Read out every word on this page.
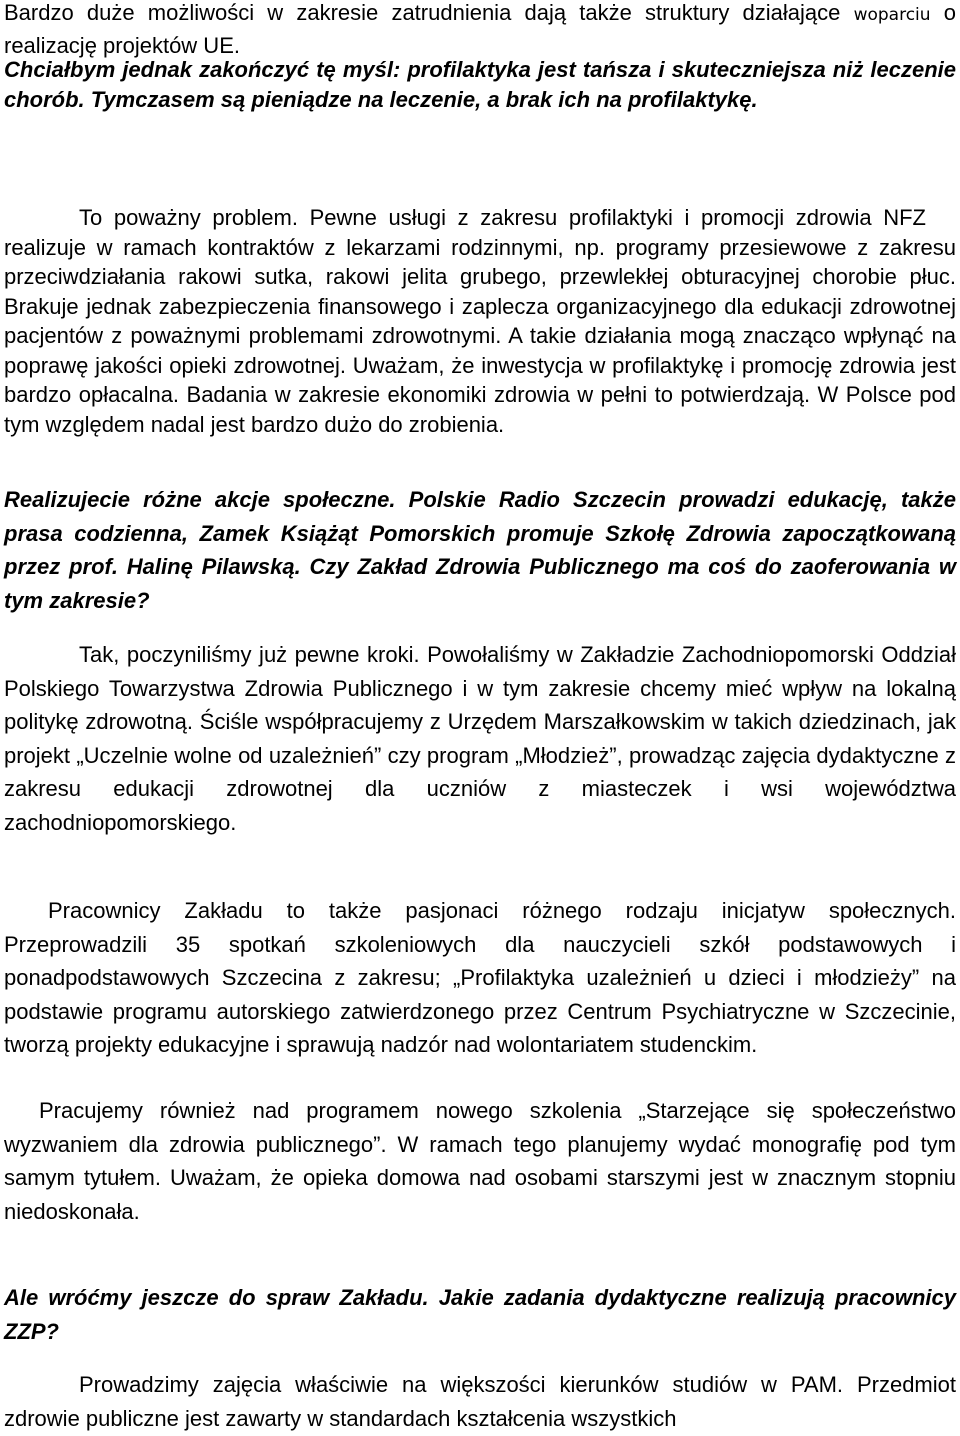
Bardzo duże możliwości w zakresie zatrudnienia dają także struktury działające woparciu o realizację projektów UE.

Chciałbym jednak zakończyć tę myśl: profilaktyka jest tańsza i skuteczniejsza niż leczenie chorób. Tymczasem są pieniądze na leczenie, a brak ich na profilaktykę.

To poważny problem. Pewne usługi z zakresu profilaktyki i promocji zdrowia NFZrealizuje w ramach kontraktów z lekarzami rodzinnymi, np. programy przesiewowe z zakresu przeciwdziałania rakowi sutka, rakowi jelita grubego, przewlekłej obturacyjnej chorobie płuc. Brakuje jednak zabezpieczenia finansowego i zaplecza organizacyjnego dla edukacji zdrowotnej pacjentów z poważnymi problemami zdrowotnymi. A takie działania mogą znacząco wpłynąć na poprawę jakości opieki zdrowotnej. Uważam, że inwestycja w profilaktykę i promocję zdrowia jest bardzo opłacalna. Badania w zakresie ekonomiki zdrowia w pełni to potwierdzają. W Polsce pod tym względem nadal jest bardzo dużo do zrobienia.

Realizujecie różne akcje społeczne. Polskie Radio Szczecin prowadzi edukację, także prasa codzienna, Zamek Książąt Pomorskich promuje Szkołę Zdrowia zapoczątkowaną przez prof. Halinę Pilawską. Czy Zakład Zdrowia Publicznego ma coś do zaoferowania w tym zakresie?

Tak, poczyniliśmy już pewne kroki. Powołaliśmy w Zakładzie Zachodniopomorski Oddział Polskiego Towarzystwa Zdrowia Publicznego i w tym zakresie chcemy mieć wpływ na lokalną politykę zdrowotną. Ściśle współpracujemy z Urzędem Marszałkowskim w takich dziedzinach, jak projekt „Uczelnie wolne od uzależnień” czy program „Młodzież”, prowadząc zajęcia dydaktyczne z zakresu edukacji zdrowotnej dla uczniów z miasteczek i wsi województwa zachodniopomorskiego.

Pracownicy Zakładu to także pasjonaci różnego rodzaju inicjatyw społecznych. Przeprowadzili 35 spotkań szkoleniowych dla nauczycieli szkół podstawowych i ponadpodstawowych Szczecina z zakresu; „Profilaktyka uzależnień u dzieci i młodzieży” na podstawie programu autorskiego zatwierdzonego przez Centrum Psychiatryczne w Szczecinie, tworzą projekty edukacyjne i sprawują nadzór nad wolontariatem studenckim.

Pracujemy również nad programem nowego szkolenia „Starzejące się społeczeństwo wyzwaniem dla zdrowia publicznego”. W ramach tego planujemy wydać monografię pod tym samym tytułem. Uważam, że opieka domowa nad osobami starszymi jest w znacznym stopniu niedoskonała.

Ale wróćmy jeszcze do spraw Zakładu. Jakie zadania dydaktyczne realizują pracownicy ZZP?

Prowadzimy zajęcia właściwie na większości kierunków studiów w PAM. Przedmiot zdrowie publiczne jest zawarty w standardach kształcenia wszystkich
